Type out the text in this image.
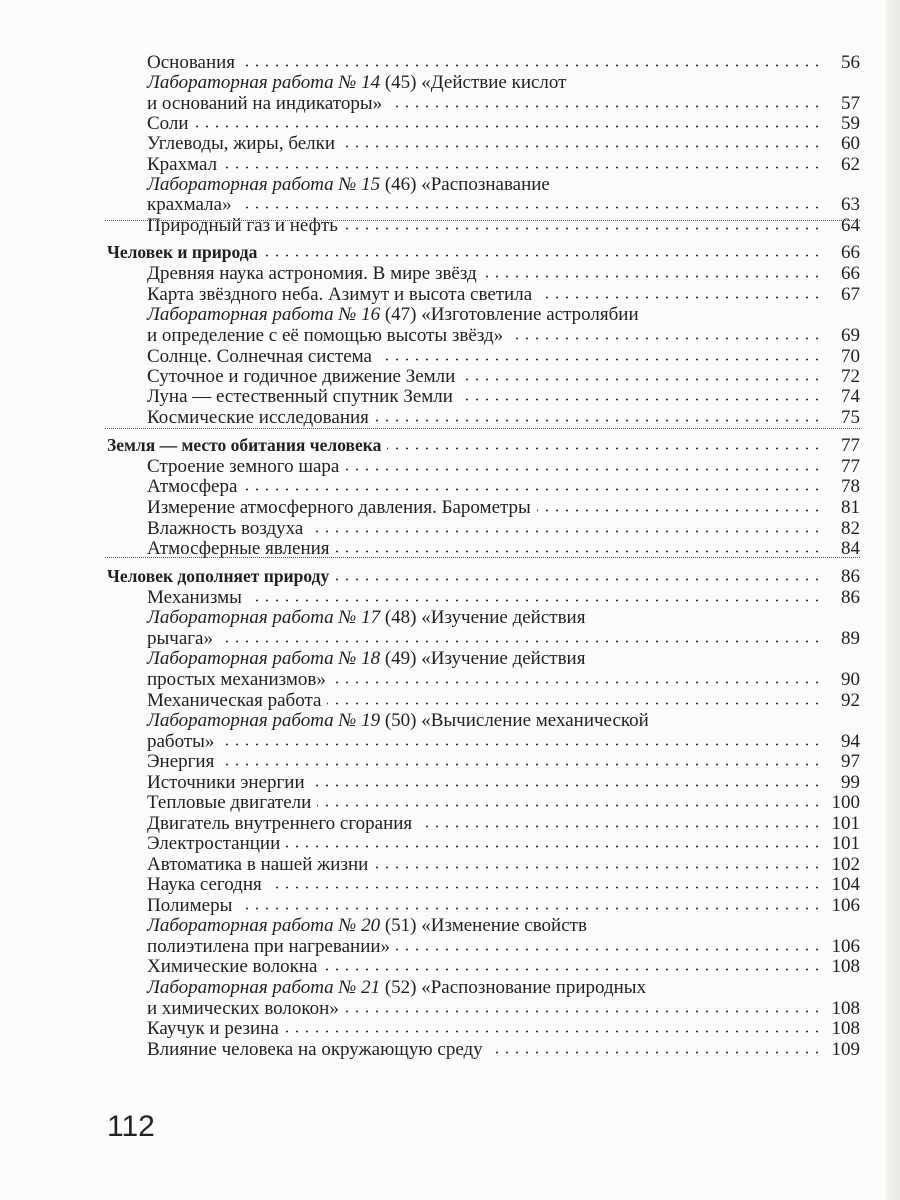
Основания	56
Лабораторная работа № 14 (45) «Действие кислот
и оснований на индикаторы»	57
Соли	59
Углеводы, жиры, белки	60
Крахмал	62
Лабораторная работа № 15 (46) «Распознавание
крахмала»	63
Природный газ и нефть	64
Человек и природа	66
Древняя наука астрономия. В мире звёзд	66
Карта звёздного неба. Азимут и высота светила	67
Лабораторная работа № 16 (47) «Изготовление астролябии
и определение с её помощью высоты звёзд»	69
Солнце. Солнечная система	70
Суточное и годичное движение Земли	72
Луна — естественный спутник Земли	74
Космические исследования	75
Земля — место обитания человека	77
Строение земного шара	77
Атмосфера	78
Измерение атмосферного давления. Барометры	81
Влажность воздуха	82
Атмосферные явления	84
Человек дополняет природу	86
Механизмы	86
Лабораторная работа № 17 (48) «Изучение действия
рычага»	89
Лабораторная работа № 18 (49) «Изучение действия
простых механизмов»	90
Механическая работа	92
Лабораторная работа № 19 (50) «Вычисление механической
работы»	94
Энергия	97
Источники энергии	99
Тепловые двигатели	100
Двигатель внутреннего сгорания	101
Электростанции	101
Автоматика в нашей жизни	102
Наука сегодня	104
Полимеры	106
Лабораторная работа № 20 (51) «Изменение свойств
полиэтилена при нагревании»	106
Химические волокна	108
Лабораторная работа № 21 (52) «Распознование природных
и химических волокон»	108
Каучук и резина	108
Влияние человека на окружающую среду	109
112
